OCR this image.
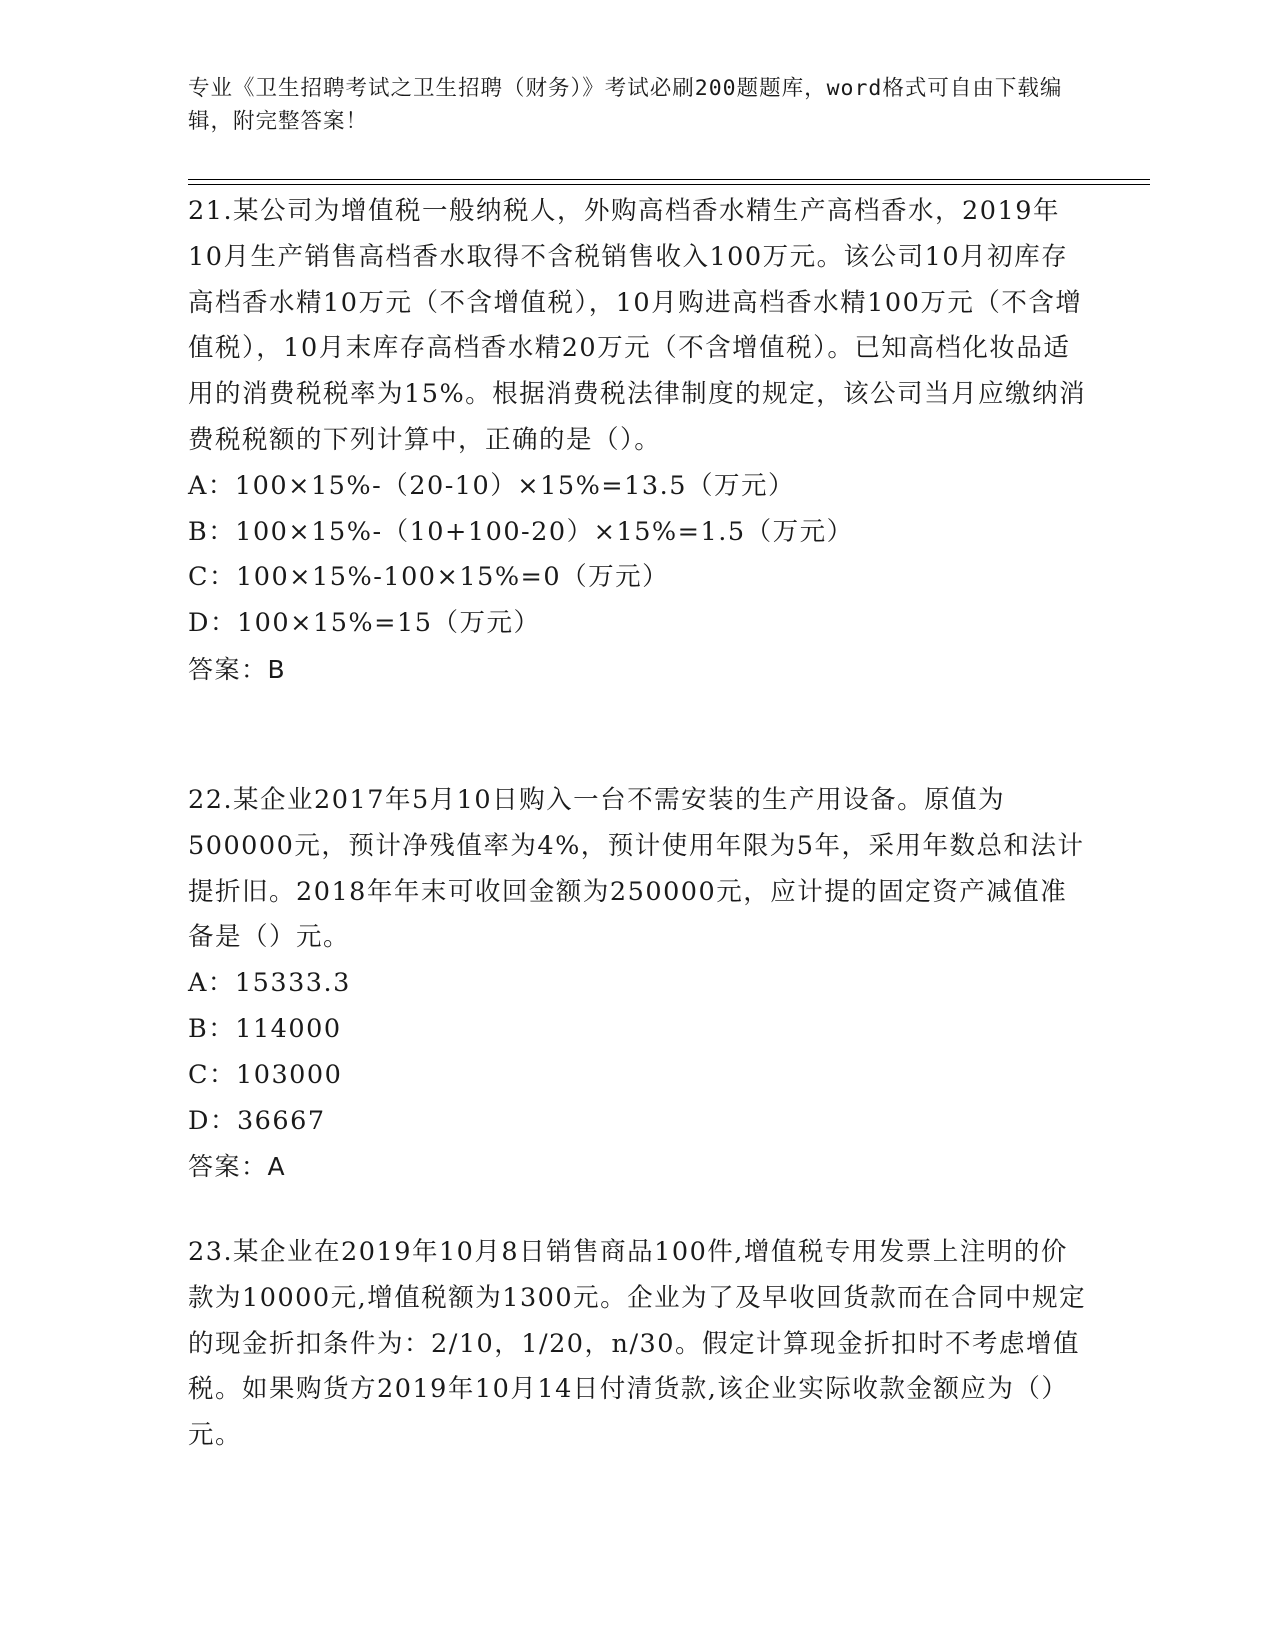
专业《卫生招聘考试之卫生招聘（财务）》考试必刷200题题库，word格式可自由下载编辑，附完整答案！

21.某公司为增值税一般纳税人，外购高档香水精生产高档香水，2019年10月生产销售高档香水取得不含税销售收入100万元。该公司10月初库存高档香水精10万元（不含增值税），10月购进高档香水精100万元（不含增值税），10月末库存高档香水精20万元（不含增值税）。已知高档化妆品适用的消费税税率为15%。根据消费税法律制度的规定，该公司当月应缴纳消费税税额的下列计算中，正确的是（）。

A：100×15%-（20-10）×15%=13.5（万元）

B：100×15%-（10+100-20）×15%=1.5（万元）

C：100×15%-100×15%=0（万元）

D：100×15%=15（万元）

答案：B

22.某企业2017年5月10日购入一台不需安装的生产用设备。原值为500000元，预计净残值率为4%，预计使用年限为5年，采用年数总和法计提折旧。2018年年末可收回金额为250000元，应计提的固定资产减值准备是（）元。

A：15333.3

B：114000

C：103000

D：36667

答案：A

23.某企业在2019年10月8日销售商品100件,增值税专用发票上注明的价款为10000元,增值税额为1300元。企业为了及早收回货款而在合同中规定的现金折扣条件为：2/10，1/20，n/30。假定计算现金折扣时不考虑增值税。如果购货方2019年10月14日付清货款,该企业实际收款金额应为（）元。
